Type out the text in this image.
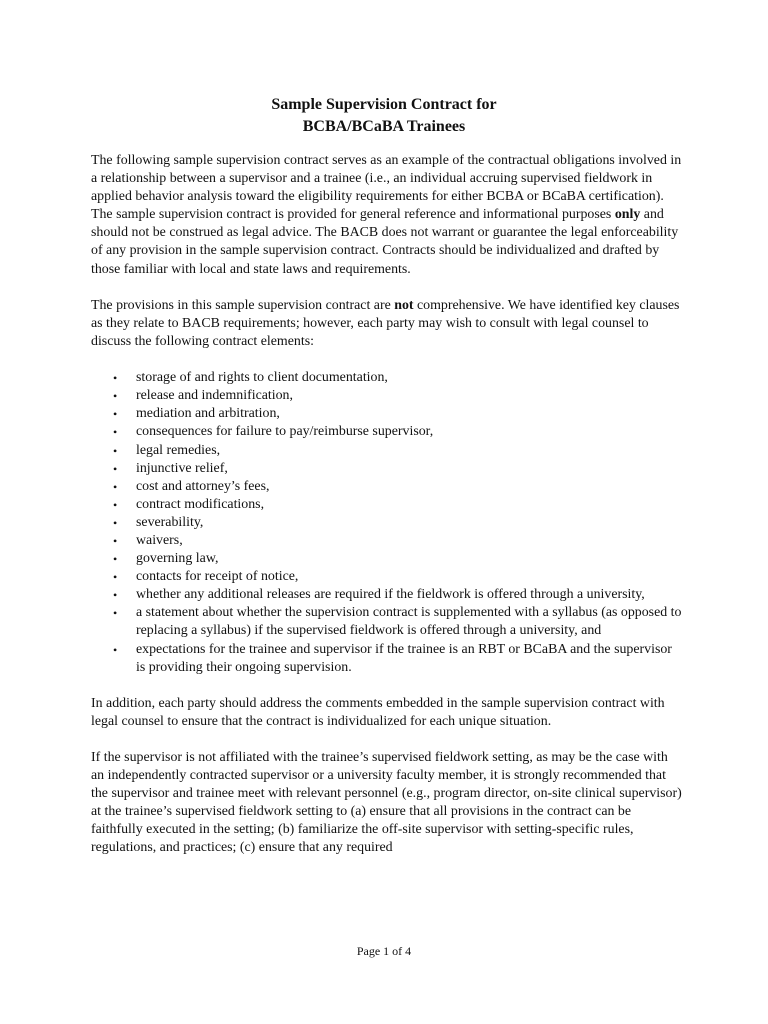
Sample Supervision Contract for
BCBA/BCaBA Trainees

The following sample supervision contract serves as an example of the contractual obligations involved in a relationship between a supervisor and a trainee (i.e., an individual accruing supervised fieldwork in applied behavior analysis toward the eligibility requirements for either BCBA or BCaBA certification). The sample supervision contract is provided for general reference and informational purposes only and should not be construed as legal advice. The BACB does not warrant or guarantee the legal enforceability of any provision in the sample supervision contract. Contracts should be individualized and drafted by those familiar with local and state laws and requirements.

The provisions in this sample supervision contract are not comprehensive. We have identified key clauses as they relate to BACB requirements; however, each party may wish to consult with legal counsel to discuss the following contract elements:

• storage of and rights to client documentation,
• release and indemnification,
• mediation and arbitration,
• consequences for failure to pay/reimburse supervisor,
• legal remedies,
• injunctive relief,
• cost and attorney’s fees,
• contract modifications,
• severability,
• waivers,
• governing law,
• contacts for receipt of notice,
• whether any additional releases are required if the fieldwork is offered through a university,
• a statement about whether the supervision contract is supplemented with a syllabus (as opposed to replacing a syllabus) if the supervised fieldwork is offered through a university, and
• expectations for the trainee and supervisor if the trainee is an RBT or BCaBA and the supervisor is providing their ongoing supervision.

In addition, each party should address the comments embedded in the sample supervision contract with legal counsel to ensure that the contract is individualized for each unique situation.

If the supervisor is not affiliated with the trainee’s supervised fieldwork setting, as may be the case with an independently contracted supervisor or a university faculty member, it is strongly recommended that the supervisor and trainee meet with relevant personnel (e.g., program director, on-site clinical supervisor) at the trainee’s supervised fieldwork setting to (a) ensure that all provisions in the contract can be faithfully executed in the setting; (b) familiarize the off-site supervisor with setting-specific rules, regulations, and practices; (c) ensure that any required

Page 1 of 4
